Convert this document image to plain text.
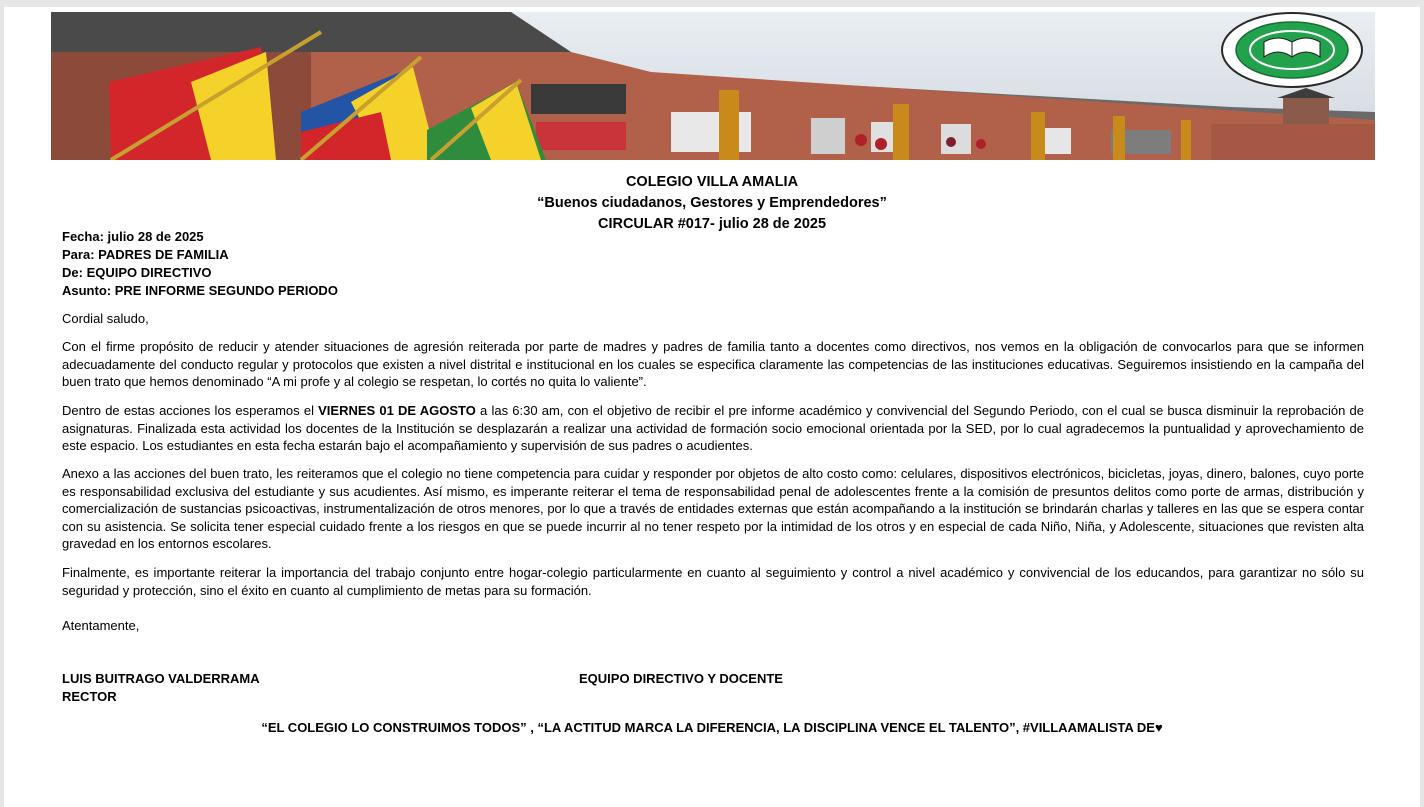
COLEGIO VILLA AMALIA
“Buenos ciudadanos, Gestores y Emprendedores”
CIRCULAR #017- julio 28 de 2025
Fecha: julio 28 de 2025
Para: PADRES DE FAMILIA
De: EQUIPO DIRECTIVO
Asunto: PRE INFORME SEGUNDO PERIODO

Cordial saludo,

Con el firme propósito de reducir y atender situaciones de agresión reiterada por parte de madres y padres de familia tanto a docentes como directivos, nos vemos en la obligación de convocarlos para que se informen adecuadamente del conducto regular y protocolos que existen a nivel distrital e institucional en los cuales se especifica claramente las competencias de las instituciones educativas. Seguiremos insistiendo en la campaña del buen trato que hemos denominado “A mi profe y al colegio se respetan, lo cortés no quita lo valiente”.

Dentro de estas acciones los esperamos el VIERNES 01 DE AGOSTO a las 6:30 am, con el objetivo de recibir el pre informe académico y convivencial del Segundo Periodo, con el cual se busca disminuir la reprobación de asignaturas. Finalizada esta actividad los docentes de la Institución se desplazarán a realizar una actividad de formación socio emocional orientada por la SED, por lo cual agradecemos la puntualidad y aprovechamiento de este espacio. Los estudiantes en esta fecha estarán bajo el acompañamiento y supervisión de sus padres o acudientes.

Anexo a las acciones del buen trato, les reiteramos que el colegio no tiene competencia para cuidar y responder por objetos de alto costo como: celulares, dispositivos electrónicos, bicicletas, joyas, dinero, balones, cuyo porte es responsabilidad exclusiva del estudiante y sus acudientes. Así mismo, es imperante reiterar el tema de responsabilidad penal de adolescentes frente a la comisión de presuntos delitos como porte de armas, distribución y comercialización de sustancias psicoactivas, instrumentalización de otros menores, por lo que a través de entidades externas que están acompañando a la institución se brindarán charlas y talleres en las que se espera contar con su asistencia. Se solicita tener especial cuidado frente a los riesgos en que se puede incurrir al no tener respeto por la intimidad de los otros y en especial de cada Niño, Niña, y Adolescente, situaciones que revisten alta gravedad en los entornos escolares.

Finalmente, es importante reiterar la importancia del trabajo conjunto entre hogar-colegio particularmente en cuanto al seguimiento y control a nivel académico y convivencial de los educandos, para garantizar no sólo su seguridad y protección, sino el éxito en cuanto al cumplimiento de metas para su formación.

Atentamente,

LUIS BUITRAGO VALDERRAMA
RECTOR
EQUIPO DIRECTIVO Y DOCENTE
“EL COLEGIO LO CONSTRUIMOS TODOS” , “LA ACTITUD MARCA LA DIFERENCIA, LA DISCIPLINA VENCE EL TALENTO”, #VILLAAMALISTA DE♥
